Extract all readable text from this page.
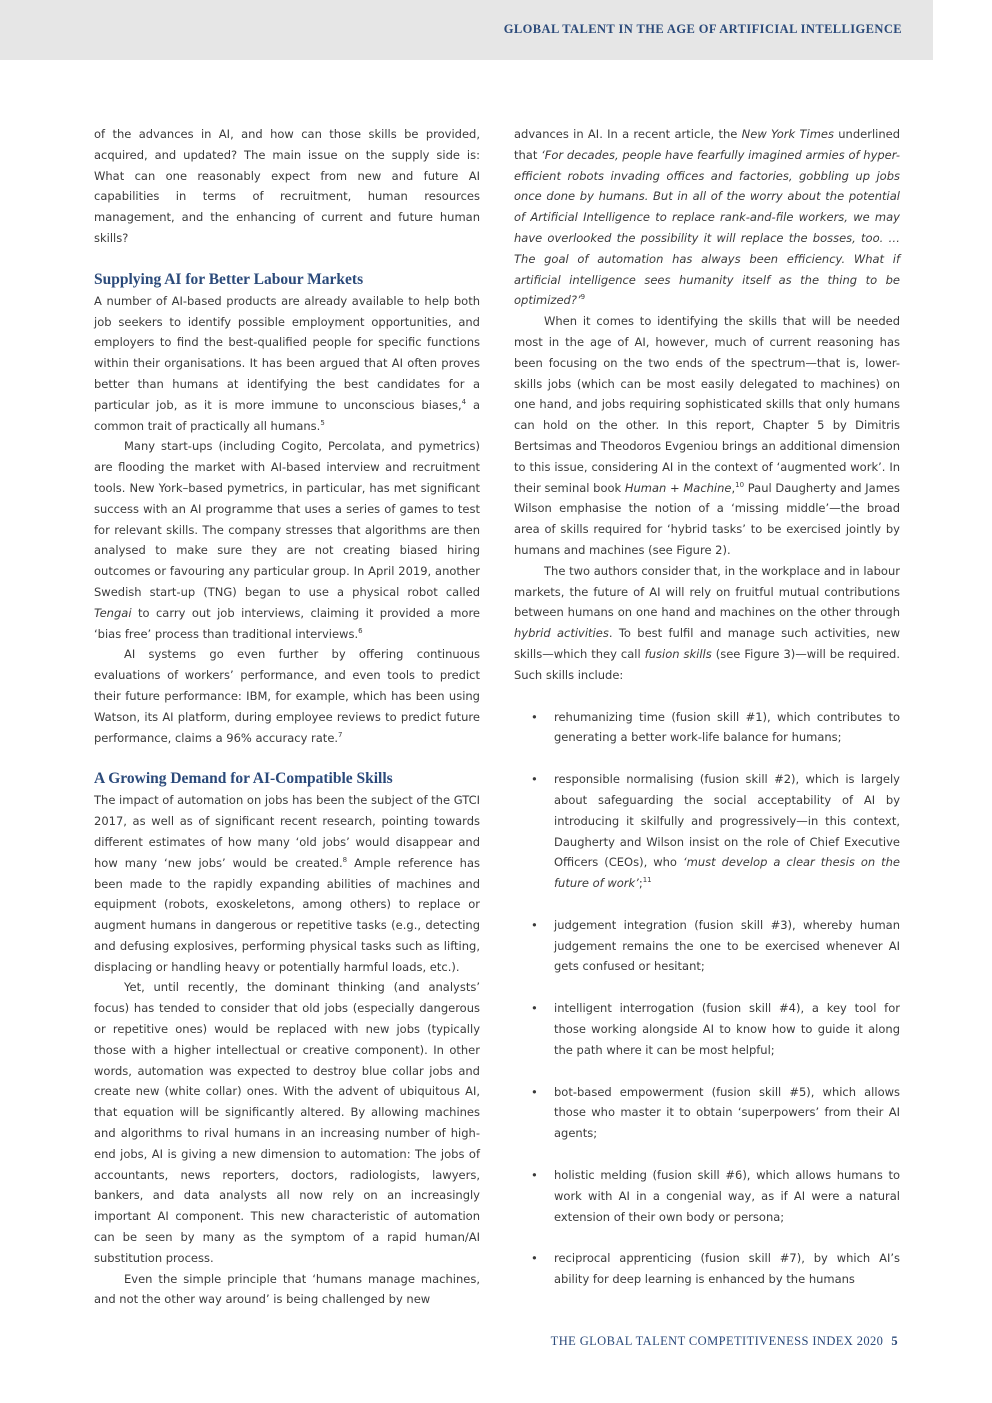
GLOBAL TALENT IN THE AGE OF ARTIFICIAL INTELLIGENCE

of the advances in AI, and how can those skills be provided, acquired, and updated? The main issue on the supply side is: What can one reasonably expect from new and future AI capabilities in terms of recruitment, human resources management, and the enhancing of current and future human skills?

Supplying AI for Better Labour Markets

A number of AI-based products are already available to help both job seekers to identify possible employment opportunities, and employers to find the best-qualified people for specific functions within their organisations. It has been argued that AI often proves better than humans at identifying the best candidates for a particular job, as it is more immune to unconscious biases,$^4$ a common trait of practically all humans.$^5$

Many start-ups (including Cogito, Percolata, and pymetrics) are flooding the market with AI-based interview and recruitment tools. New York–based pymetrics, in particular, has met significant success with an AI programme that uses a series of games to test for relevant skills. The company stresses that algorithms are then analysed to make sure they are not creating biased hiring outcomes or favouring any particular group. In April 2019, another Swedish start-up (TNG) began to use a physical robot called Tengai to carry out job interviews, claiming it provided a more ‘bias free’ process than traditional interviews.$^6$

AI systems go even further by offering continuous evaluations of workers’ performance, and even tools to predict their future performance: IBM, for example, which has been using Watson, its AI platform, during employee reviews to predict future performance, claims a 96% accuracy rate.$^7$

A Growing Demand for AI-Compatible Skills

The impact of automation on jobs has been the subject of the GTCI 2017, as well as of significant recent research, pointing towards different estimates of how many ‘old jobs’ would disappear and how many ‘new jobs’ would be created.$^8$ Ample reference has been made to the rapidly expanding abilities of machines and equipment (robots, exoskeletons, among others) to replace or augment humans in dangerous or repetitive tasks (e.g., detecting and defusing explosives, performing physical tasks such as lifting, displacing or handling heavy or potentially harmful loads, etc.).

Yet, until recently, the dominant thinking (and analysts’ focus) has tended to consider that old jobs (especially dangerous or repetitive ones) would be replaced with new jobs (typically those with a higher intellectual or creative component). In other words, automation was expected to destroy blue collar jobs and create new (white collar) ones. With the advent of ubiquitous AI, that equation will be significantly altered. By allowing machines and algorithms to rival humans in an increasing number of high-end jobs, AI is giving a new dimension to automation: The jobs of accountants, news reporters, doctors, radiologists, lawyers, bankers, and data analysts all now rely on an increasingly important AI component. This new characteristic of automation can be seen by many as the symptom of a rapid human/AI substitution process.

Even the simple principle that ‘humans manage machines, and not the other way around’ is being challenged by new

advances in AI. In a recent article, the New York Times underlined that ‘For decades, people have fearfully imagined armies of hyper-efficient robots invading offices and factories, gobbling up jobs once done by humans. But in all of the worry about the potential of Artificial Intelligence to replace rank-and-file workers, we may have overlooked the possibility it will replace the bosses, too. … The goal of automation has always been efficiency. What if artificial intelligence sees humanity itself as the thing to be optimized?’$^9$

When it comes to identifying the skills that will be needed most in the age of AI, however, much of current reasoning has been focusing on the two ends of the spectrum—that is, lower-skills jobs (which can be most easily delegated to machines) on one hand, and jobs requiring sophisticated skills that only humans can hold on the other. In this report, Chapter 5 by Dimitris Bertsimas and Theodoros Evgeniou brings an additional dimension to this issue, considering AI in the context of ‘augmented work’. In their seminal book Human + Machine,$^{10}$ Paul Daugherty and James Wilson emphasise the notion of a ‘missing middle’—the broad area of skills required for ‘hybrid tasks’ to be exercised jointly by humans and machines (see Figure 2).

The two authors consider that, in the workplace and in labour markets, the future of AI will rely on fruitful mutual contributions between humans on one hand and machines on the other through hybrid activities. To best fulfil and manage such activities, new skills—which they call fusion skills (see Figure 3)—will be required. Such skills include:

• rehumanizing time (fusion skill #1), which contributes to generating a better work-life balance for humans;
• responsible normalising (fusion skill #2), which is largely about safeguarding the social acceptability of AI by introducing it skilfully and progressively—in this context, Daugherty and Wilson insist on the role of Chief Executive Officers (CEOs), who ‘must develop a clear thesis on the future of work’;$^{11}$
• judgement integration (fusion skill #3), whereby human judgement remains the one to be exercised whenever AI gets confused or hesitant;
• intelligent interrogation (fusion skill #4), a key tool for those working alongside AI to know how to guide it along the path where it can be most helpful;
• bot-based empowerment (fusion skill #5), which allows those who master it to obtain ‘superpowers’ from their AI agents;
• holistic melding (fusion skill #6), which allows humans to work with AI in a congenial way, as if AI were a natural extension of their own body or persona;
• reciprocal apprenticing (fusion skill #7), by which AI’s ability for deep learning is enhanced by the humans
THE GLOBAL TALENT COMPETITIVENESS INDEX 2020 5
